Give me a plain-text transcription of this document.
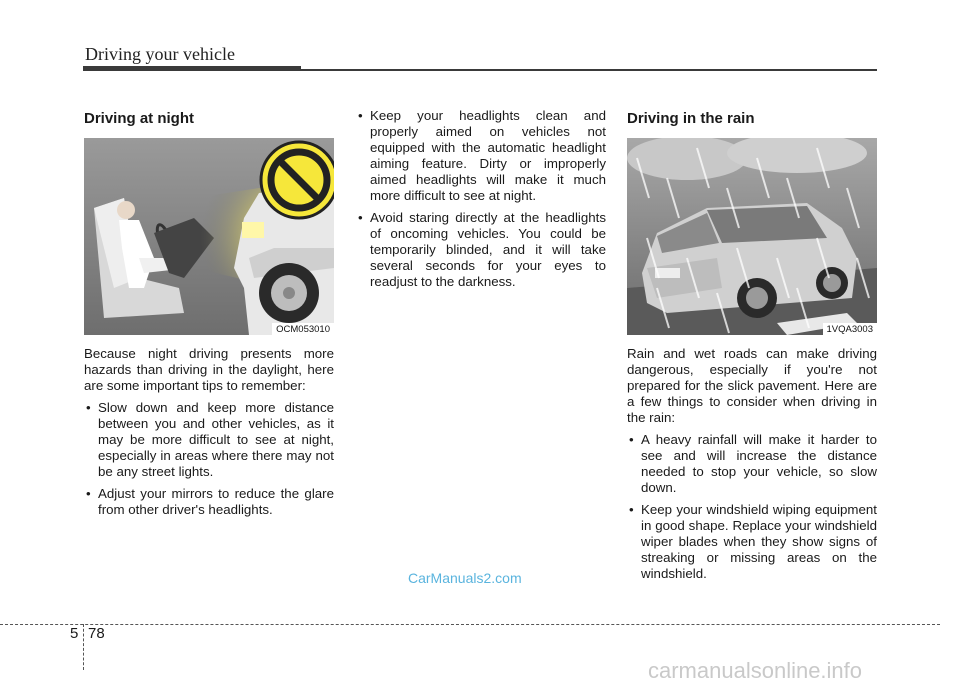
Driving your vehicle
Driving at night
OCM053010

Because night driving presents more hazards than driving in the daylight, here are some important tips to remember:

• Slow down and keep more distance between you and other vehicles, as it may be more difficult to see at night, especially in areas where there may not be any street lights.
• Adjust your mirrors to reduce the glare from other driver's headlights.
• Keep your headlights clean and properly aimed on vehicles not equipped with the automatic headlight aiming feature. Dirty or improperly aimed headlights will make it much more difficult to see at night.
• Avoid staring directly at the headlights of oncoming vehicles. You could be temporarily blinded, and it will take several seconds for your eyes to readjust to the darkness.
Driving in the rain
1VQA3003

Rain and wet roads can make driving dangerous, especially if you're not prepared for the slick pavement. Here are a few things to consider when driving in the rain:

• A heavy rainfall will make it harder to see and will increase the distance needed to stop your vehicle, so slow down.
• Keep your windshield wiping equipment in good shape. Replace your windshield wiper blades when they show signs of streaking or missing areas on the windshield.
CarManuals2.com
5 78
carmanualsonline.info
